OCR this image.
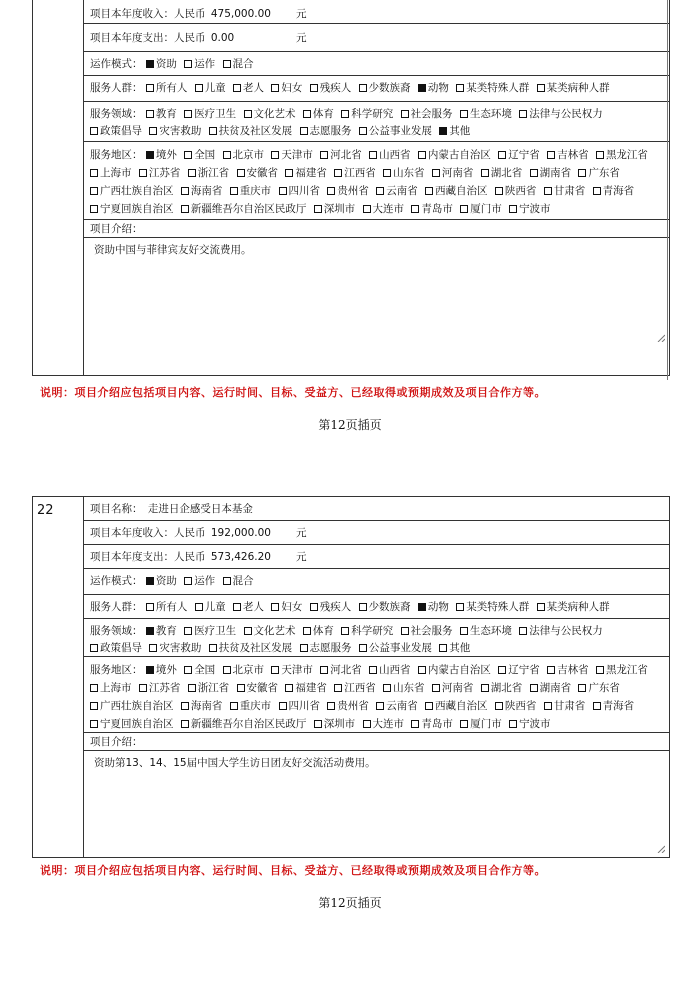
项目本年度收入：人民币 475,000.00 元
项目本年度支出：人民币 0.00	元
运作模式： 资助 运作 混合
服务人群： 所有人 儿童 老人 妇女 残疾人 少数族裔 动物 某类特殊人群 某类病种人群
服务领域： 教育 医疗卫生 文化艺术 体育 科学研究 社会服务 生态环境 法律与公民权力 政策倡导 灾害救助 扶贫及社区发展 志愿服务 公益事业发展 其他
服务地区： 境外 全国 北京市 天津市 河北省 山西省 内蒙古自治区 辽宁省 吉林省 黑龙江省 上海市 江苏省 浙江省 安徽省 福建省 江西省 山东省 河南省 湖北省 湖南省 广东省 广西壮族自治区 海南省 重庆市 四川省 贵州省 云南省 西藏自治区 陕西省 甘肃省 青海省 宁夏回族自治区 新疆维吾尔自治区民政厅 深圳市 大连市 青岛市 厦门市 宁波市
项目介绍：
资助中国与菲律宾友好交流费用。
说明：项目介绍应包括项目内容、运行时间、目标、受益方、已经取得或预期成效及项目合作方等。
第12页插页
22	项目名称： 走进日企感受日本基金
项目本年度收入：人民币 192,000.00 元
项目本年度支出：人民币 573,426.20 元
运作模式： 资助 运作 混合
服务人群： 所有人 儿童 老人 妇女 残疾人 少数族裔 动物 某类特殊人群 某类病种人群
服务领域： 教育 医疗卫生 文化艺术 体育 科学研究 社会服务 生态环境 法律与公民权力 政策倡导 灾害救助 扶贫及社区发展 志愿服务 公益事业发展 其他
服务地区： 境外 全国 北京市 天津市 河北省 山西省 内蒙古自治区 辽宁省 吉林省 黑龙江省 上海市 江苏省 浙江省 安徽省 福建省 江西省 山东省 河南省 湖北省 湖南省 广东省 广西壮族自治区 海南省 重庆市 四川省 贵州省 云南省 西藏自治区 陕西省 甘肃省 青海省 宁夏回族自治区 新疆维吾尔自治区民政厅 深圳市 大连市 青岛市 厦门市 宁波市
项目介绍：
资助第13、14、15届中国大学生访日团友好交流活动费用。
说明：项目介绍应包括项目内容、运行时间、目标、受益方、已经取得或预期成效及项目合作方等。
第12页插页
